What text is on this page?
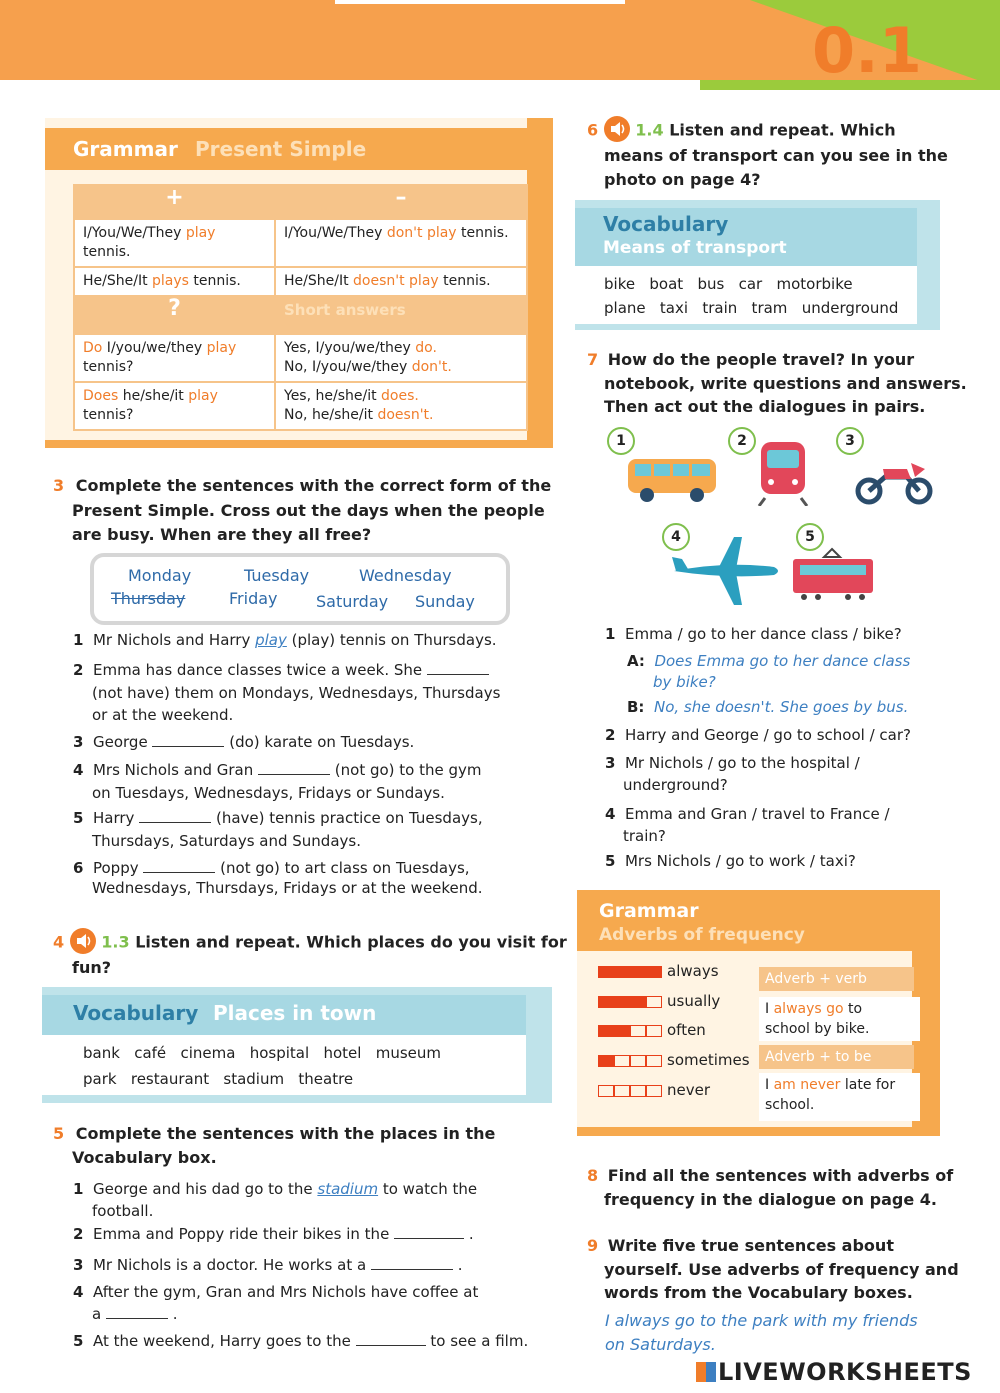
0.1
Grammar Present Simple
+	–
I/You/We/They play tennis.	I/You/We/They don't play tennis.
He/She/It plays tennis.	He/She/It doesn't play tennis.
?	Short answers
Do I/you/we/they play
tennis?	Yes, I/you/we/they do.
No, I/you/we/they don't.
Does he/she/it play
tennis?	Yes, he/she/it does.
No, he/she/it doesn't.
3 Complete the sentences with the correct form of the
Present Simple. Cross out the days when the people
are busy. When are they all free?
Monday	Tuesday	Wednesday
Thursday	Friday Saturday Sunday
1 Mr Nichols and Harry play (play) tennis on Thursdays.
2 Emma has dance classes twice a week. She
(not have) them on Mondays, Wednesdays, Thursdays
or at the weekend.
3 George	(do) karate on Tuesdays.
4 Mrs Nichols and Gran	(not go) to the gym
on Tuesdays, Wednesdays, Fridays or Sundays.
5 Harry	(have) tennis practice on Tuesdays,
Thursdays, Saturdays and Sundays.
6 Poppy	(not go) to art class on Tuesdays,
Wednesdays, Thursdays, Fridays or at the weekend.
4 1.3 Listen and repeat. Which places do you visit for
fun?
Vocabulary Places in town
bank   café   cinema   hospital   hotel   museum
park   restaurant   stadium   theatre
5 Complete the sentences with the places in the
Vocabulary box.
1 George and his dad go to the stadium to watch the
football.
2 Emma and Poppy ride their bikes in the	.
3 Mr Nichols is a doctor. He works at a	.
4 After the gym, Gran and Mrs Nichols have coffee at
a	.
5 At the weekend, Harry goes to the	to see a film.
6 1.4 Listen and repeat. Which
means of transport can you see in the
photo on page 4?
Vocabulary
Means of transport
bike   boat   bus   car   motorbike
plane   taxi   train   tram   underground
7 How do the people travel? In your
notebook, write questions and answers.
Then act out the dialogues in pairs.
1	2	3
4	5
1 Emma / go to her dance class / bike?
A: Does Emma go to her dance class
by bike?
B: No, she doesn't. She goes by bus.
2 Harry and George / go to school / car?
3 Mr Nichols / go to the hospital /
underground?
4 Emma and Gran / travel to France /
train?
5 Mrs Nichols / go to work / taxi?
Grammar
Adverbs of frequency
always
usually
often
sometimes
never
Adverb + verb
I always go to
school by bike.
Adverb + to be
I am never late for
school.
8 Find all the sentences with adverbs of
frequency in the dialogue on page 4.
9 Write five true sentences about
yourself. Use adverbs of frequency and
words from the Vocabulary boxes.
I always go to the park with my friends
on Saturdays.
LIVEWORKSHEETS
